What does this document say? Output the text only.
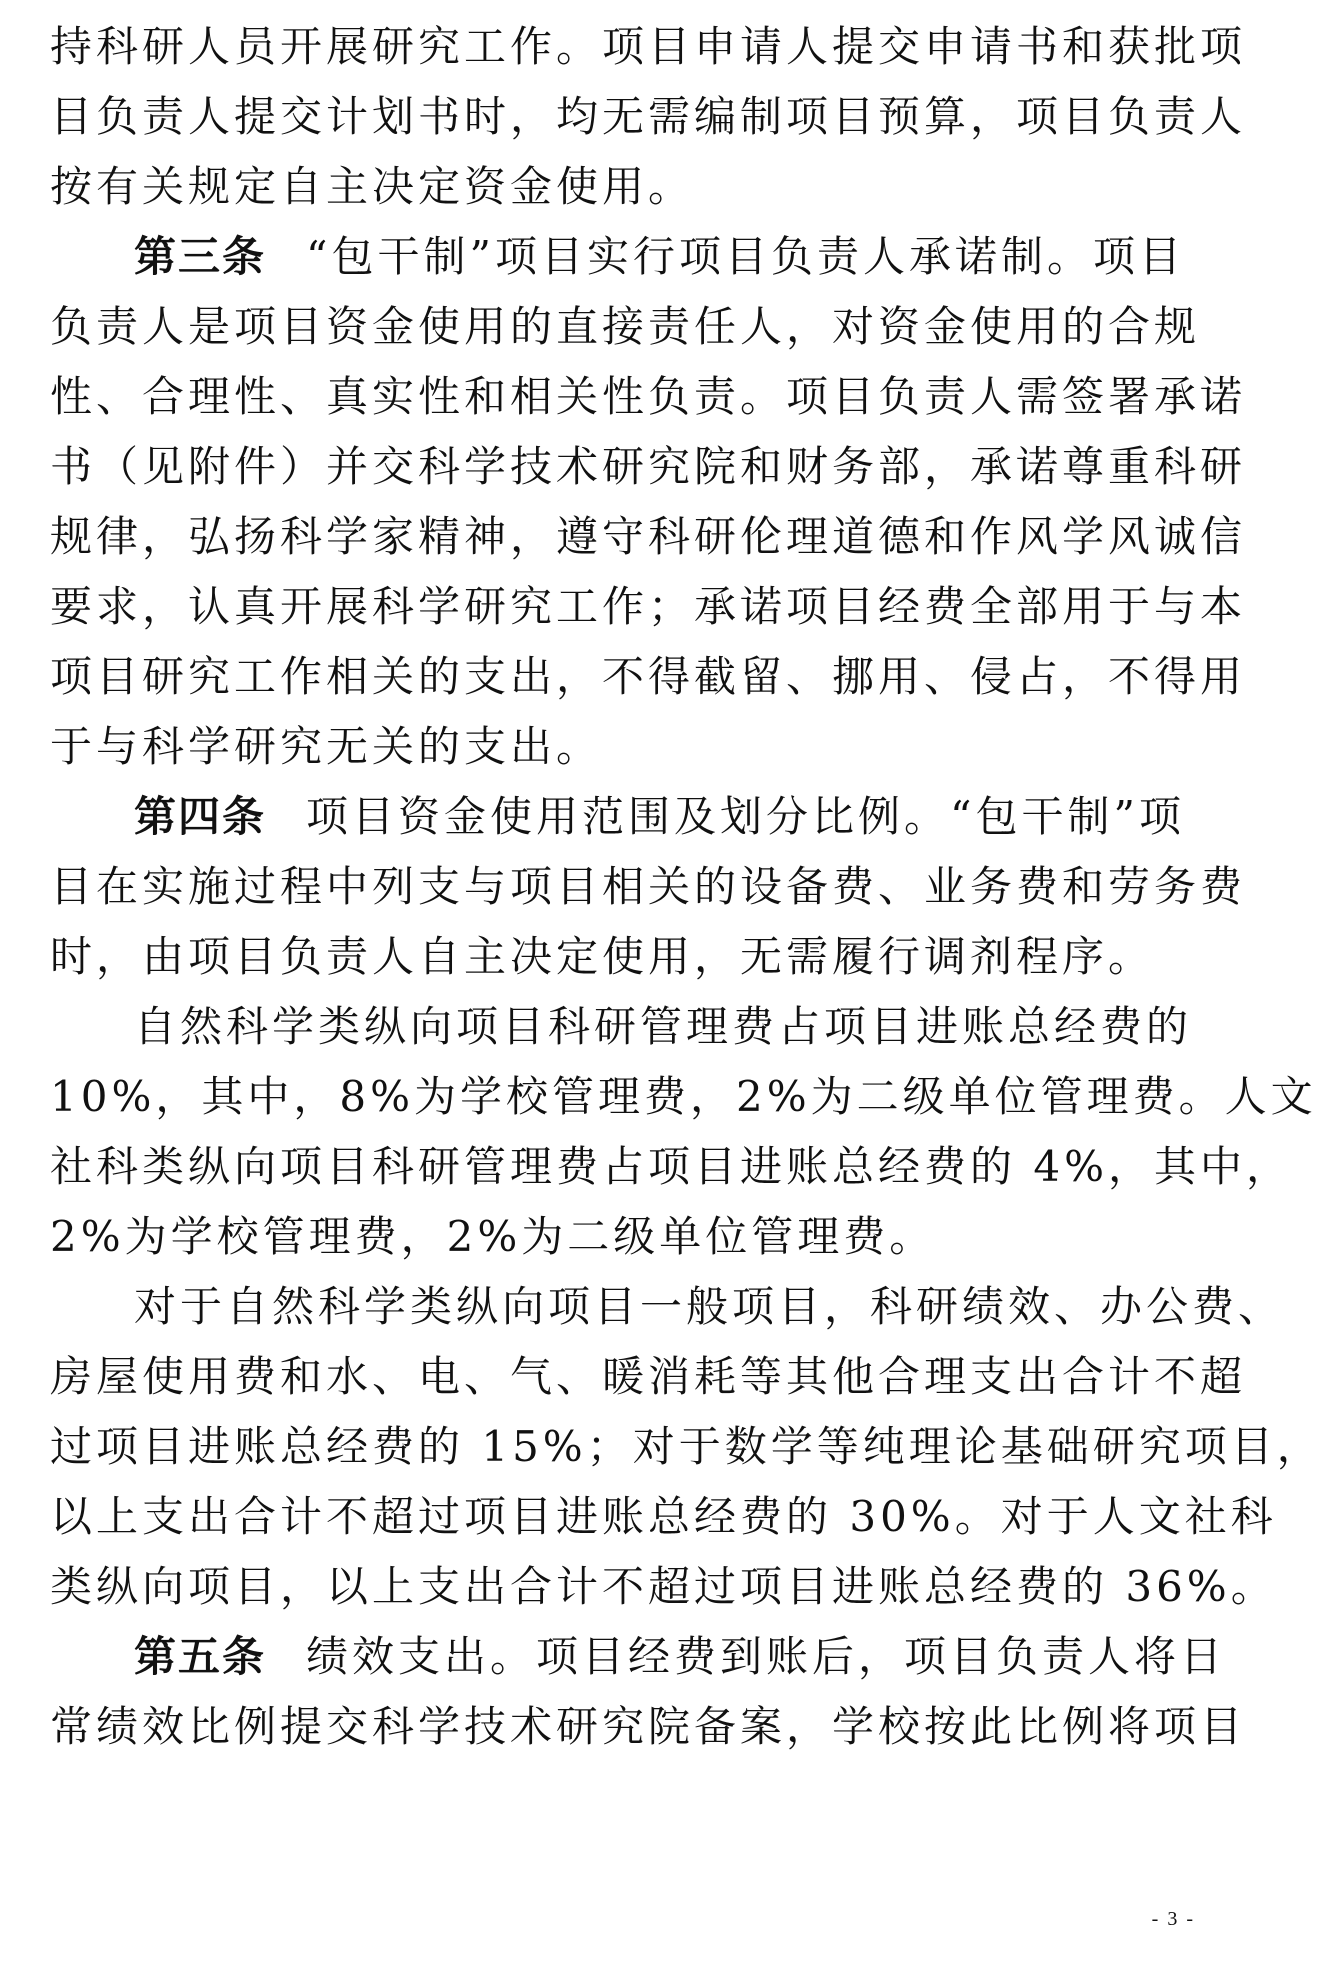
持科研人员开展研究工作。项目申请人提交申请书和获批项
目负责人提交计划书时，均无需编制项目预算，项目负责人
按有关规定自主决定资金使用。
第三条 “包干制”项目实行项目负责人承诺制。项目
负责人是项目资金使用的直接责任人，对资金使用的合规
性、合理性、真实性和相关性负责。项目负责人需签署承诺
书（见附件）并交科学技术研究院和财务部，承诺尊重科研
规律，弘扬科学家精神，遵守科研伦理道德和作风学风诚信
要求，认真开展科学研究工作；承诺项目经费全部用于与本
项目研究工作相关的支出，不得截留、挪用、侵占，不得用
于与科学研究无关的支出。
第四条 项目资金使用范围及划分比例。“包干制”项
目在实施过程中列支与项目相关的设备费、业务费和劳务费
时，由项目负责人自主决定使用，无需履行调剂程序。
自然科学类纵向项目科研管理费占项目进账总经费的
10%，其中，8%为学校管理费，2%为二级单位管理费。人文
社科类纵向项目科研管理费占项目进账总经费的 4%，其中，
2%为学校管理费，2%为二级单位管理费。
对于自然科学类纵向项目一般项目，科研绩效、办公费、
房屋使用费和水、电、气、暖消耗等其他合理支出合计不超
过项目进账总经费的 15%；对于数学等纯理论基础研究项目，
以上支出合计不超过项目进账总经费的 30%。对于人文社科
类纵向项目，以上支出合计不超过项目进账总经费的 36%。
第五条 绩效支出。项目经费到账后，项目负责人将日
常绩效比例提交科学技术研究院备案，学校按此比例将项目
- 3 -
